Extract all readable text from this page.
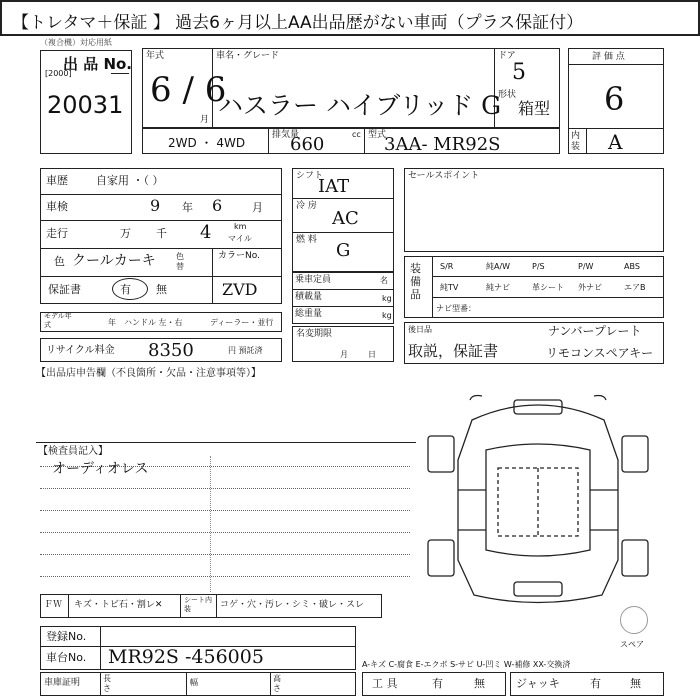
【トレタマ＋保証 】 過去6ヶ月以上AA出品歴がない車両（プラス保証付）
（複合機）対応用紙
出 品 No.
[2000]
20031
年式
6 / 6
月
車名・グレード
ハスラー ハイブリッド G
ドア
5
形状
箱型
評 価 点
6
内装 A
2WD ・ 4WD
排気量
660	cc 型式
3AA- MR92S
車歴	自家用 ・（ ）
車検	9 年 6	月
走行	万 千 4	km
マイル
色 クールカーキ	色替
カラーNo.
保証書	有 無	ZVD
モデル年式	年 ハンドル 左・右	ディーラー・並行
リサイクル料金 8350	円 預託済
シフト
IAT
冷 房
AC
燃 料 G
乗車定員	名
積載量	kg
総重量	kg
名変期限
月日
セールスポイント
装備品
S/R	純A/W	P/S	P/W	ABS
純TV	純ナビ	革シート 外ナビ	エアB
ナビ型番：
後日品
取説，保証書
ナンバープレート
リモコンスペアキー
【出品店申告欄（不良箇所・欠品・注意事項等）】
【検査員記入】
オーディオレス
スペア
ＦＷ キズ・トビ石・割レ✕	シート内装	コゲ・穴・汚レ・シミ・破レ・スレ
登録No.
車台No. MR92S -456005
車庫証明	長さ
幅	高さ
A-キズ C-腐食 E-エクボ S-サビ U-凹ミ W-補修 XX-交換済
工 具	有	無	ジャッキ	有	無
